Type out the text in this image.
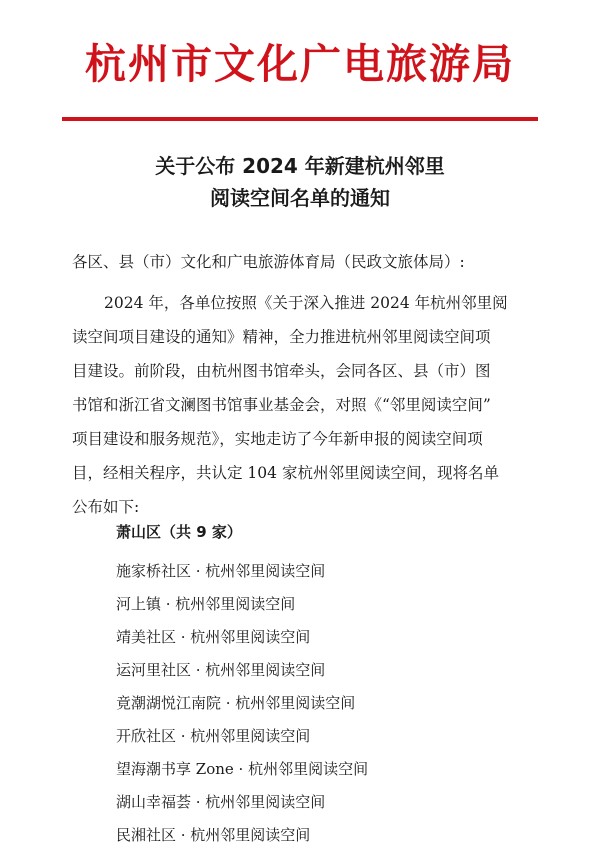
杭州市文化广电旅游局
关于公布 2024 年新建杭州邻里
阅读空间名单的通知
各区、县（市）文化和广电旅游体育局（民政文旅体局）:
2024 年，各单位按照《关于深入推进 2024 年杭州邻里阅
读空间项目建设的通知》精神，全力推进杭州邻里阅读空间项
目建设。前阶段，由杭州图书馆牵头，会同各区、县（市）图
书馆和浙江省文澜图书馆事业基金会，对照《“邻里阅读空间”
项目建设和服务规范》，实地走访了今年新申报的阅读空间项
目，经相关程序，共认定 104 家杭州邻里阅读空间，现将名单
公布如下:
萧山区（共 9 家）
施家桥社区 · 杭州邻里阅读空间
河上镇 · 杭州邻里阅读空间
靖美社区 · 杭州邻里阅读空间
运河里社区 · 杭州邻里阅读空间
竟潮湖悦江南院 · 杭州邻里阅读空间
开欣社区 · 杭州邻里阅读空间
望海潮书享 Zone · 杭州邻里阅读空间
湖山幸福荟 · 杭州邻里阅读空间
民湘社区 · 杭州邻里阅读空间
